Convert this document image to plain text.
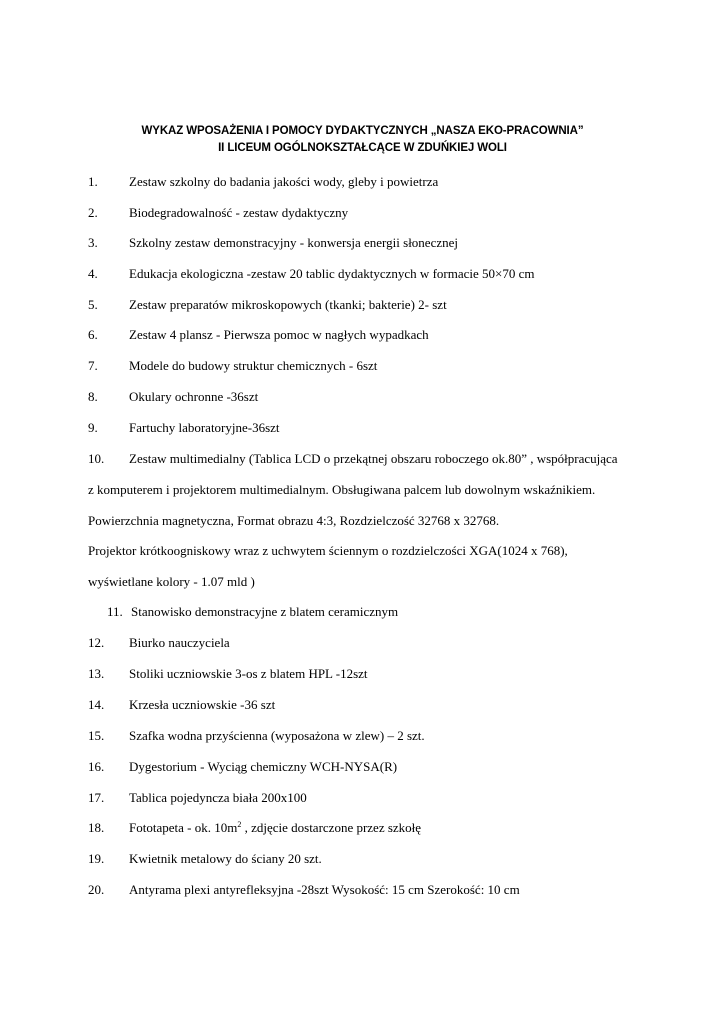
WYKAZ WPOSAŻENIA I POMOCY DYDAKTYCZNYCH „NASZA EKO-PRACOWNIA”
II LICEUM OGÓLNOKSZTAŁCĄCE W ZDUŃKIEJ WOLI
1. Zestaw szkolny do badania jakości wody, gleby i powietrza
2. Biodegradowalność - zestaw dydaktyczny
3. Szkolny zestaw demonstracyjny - konwersja energii słonecznej
4. Edukacja ekologiczna -zestaw 20 tablic dydaktycznych w formacie 50×70 cm
5. Zestaw preparatów mikroskopowych (tkanki; bakterie) 2- szt
6. Zestaw 4 plansz - Pierwsza pomoc w nagłych wypadkach
7. Modele do budowy struktur chemicznych - 6szt
8. Okulary ochronne -36szt
9. Fartuchy laboratoryjne-36szt
10. Zestaw multimedialny (Tablica LCD o przekątnej obszaru roboczego ok.80” , współpracująca
z komputerem i projektorem multimedialnym. Obsługiwana palcem lub dowolnym wskaźnikiem.
Powierzchnia magnetyczna, Format obrazu 4:3, Rozdzielczość 32768 x 32768.
Projektor krótkoogniskowy wraz z uchwytem ściennym o rozdzielczości XGA(1024 x 768),
wyświetlane kolory - 1.07 mld )
11. Stanowisko demonstracyjne z blatem ceramicznym
12. Biurko nauczyciela
13. Stoliki uczniowskie 3-os z blatem HPL -12szt
14. Krzesła uczniowskie -36 szt
15. Szafka wodna przyścienna (wyposażona w zlew) – 2 szt.
16. Dygestorium - Wyciąg chemiczny WCH-NYSA(R)
17. Tablica pojedyncza biała 200x100
18. Fototapeta - ok. $10m^2$ , zdjęcie dostarczone przez szkołę
19. Kwietnik metalowy do ściany 20 szt.
20. Antyrama plexi antyrefleksyjna -28szt Wysokość: 15 cm Szerokość: 10 cm
